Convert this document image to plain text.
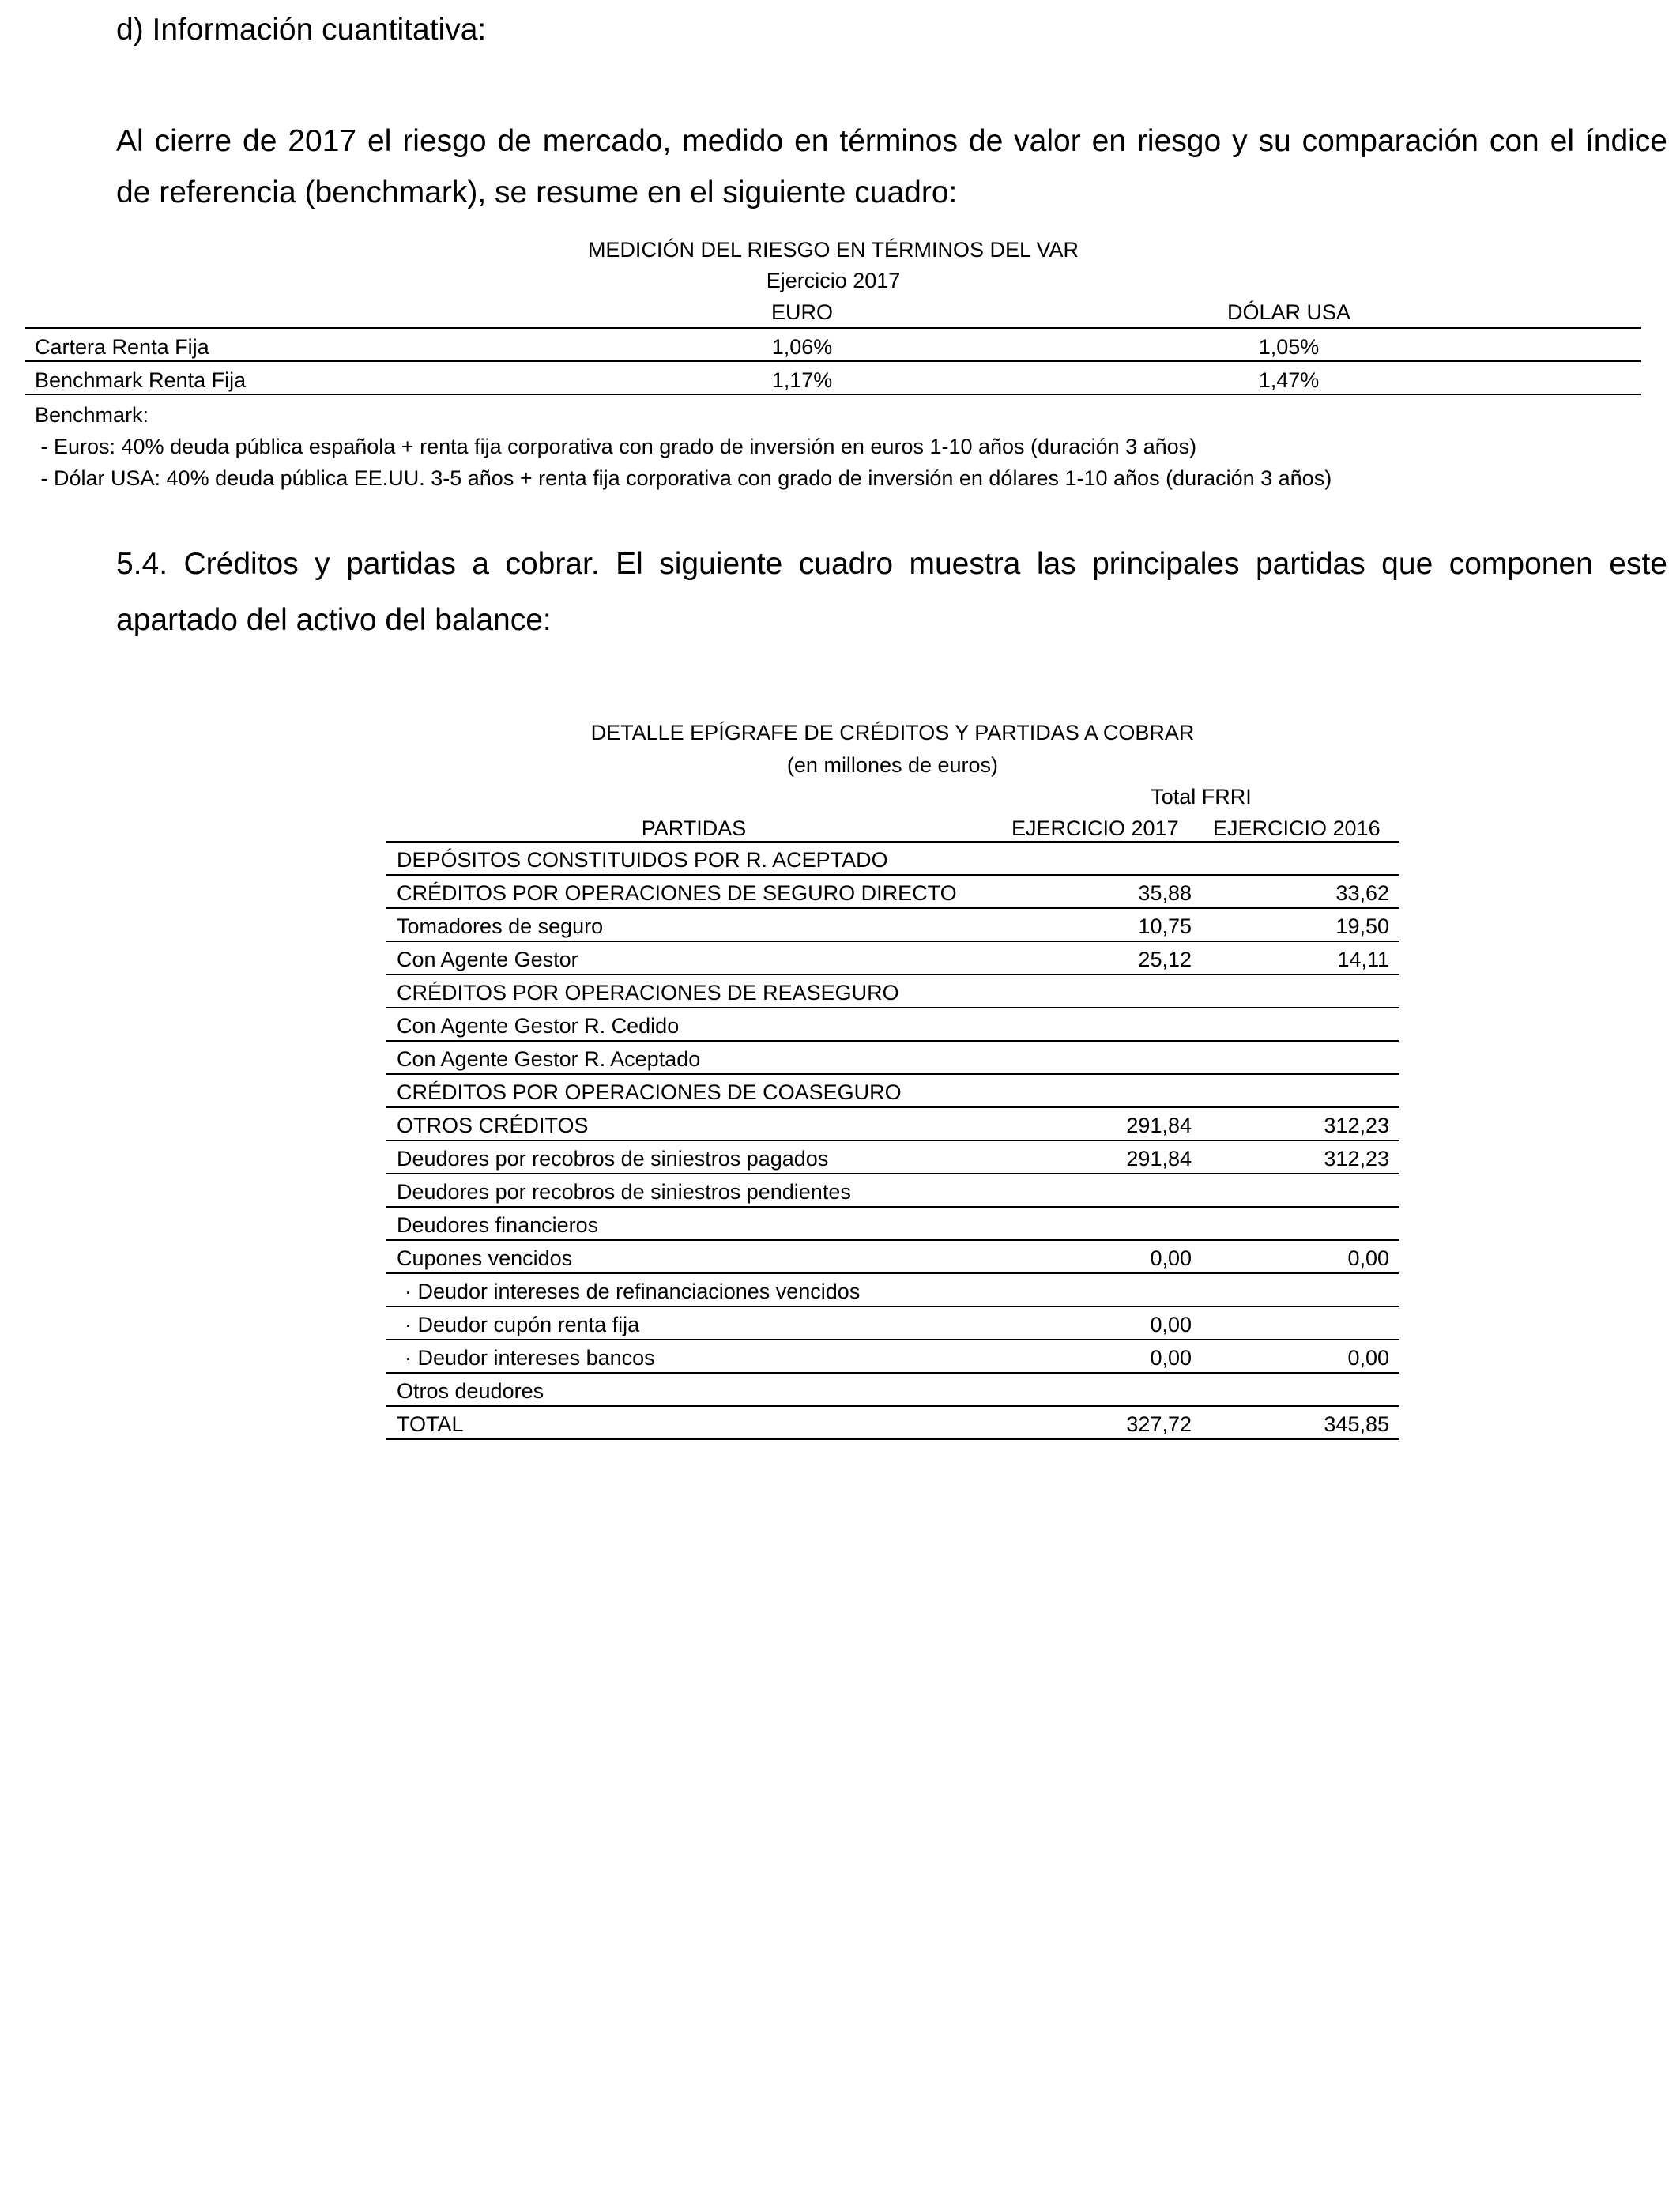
d) Información cuantitativa:
Al cierre de 2017 el riesgo de mercado, medido en términos de valor en riesgo y su comparación con el índice
de referencia (benchmark), se resume en el siguiente cuadro:
MEDICIÓN DEL RIESGO EN TÉRMINOS DEL VAR
Ejercicio 2017
EURO	DÓLAR USA
Cartera Renta Fija	1,06%	1,05%
Benchmark Renta Fija	1,17%	1,47%
Benchmark:
- Euros: 40% deuda pública española + renta fija corporativa con grado de inversión en euros 1-10 años (duración 3 años)
- Dólar USA: 40% deuda pública EE.UU. 3-5 años + renta fija corporativa con grado de inversión en dólares 1-10 años (duración 3 años)
5.4. Créditos y partidas a cobrar. El siguiente cuadro muestra las principales partidas que componen este
apartado del activo del balance:
DETALLE EPÍGRAFE DE CRÉDITOS Y PARTIDAS A COBRAR
(en millones de euros)
Total FRRI
PARTIDAS	EJERCICIO 2017 EJERCICIO 2016
DEPÓSITOS CONSTITUIDOS POR R. ACEPTADO
CRÉDITOS POR OPERACIONES DE SEGURO DIRECTO	35,88	33,62
Tomadores de seguro	10,75	19,50
Con Agente Gestor	25,12	14,11
CRÉDITOS POR OPERACIONES DE REASEGURO
Con Agente Gestor R. Cedido
Con Agente Gestor R. Aceptado
CRÉDITOS POR OPERACIONES DE COASEGURO
OTROS CRÉDITOS	291,84	312,23
Deudores por recobros de siniestros pagados	291,84	312,23
Deudores por recobros de siniestros pendientes
Deudores financieros
Cupones vencidos	0,00	0,00
· Deudor intereses de refinanciaciones vencidos
· Deudor cupón renta fija	0,00
· Deudor intereses bancos	0,00	0,00
Otros deudores
TOTAL	327,72	345,85
